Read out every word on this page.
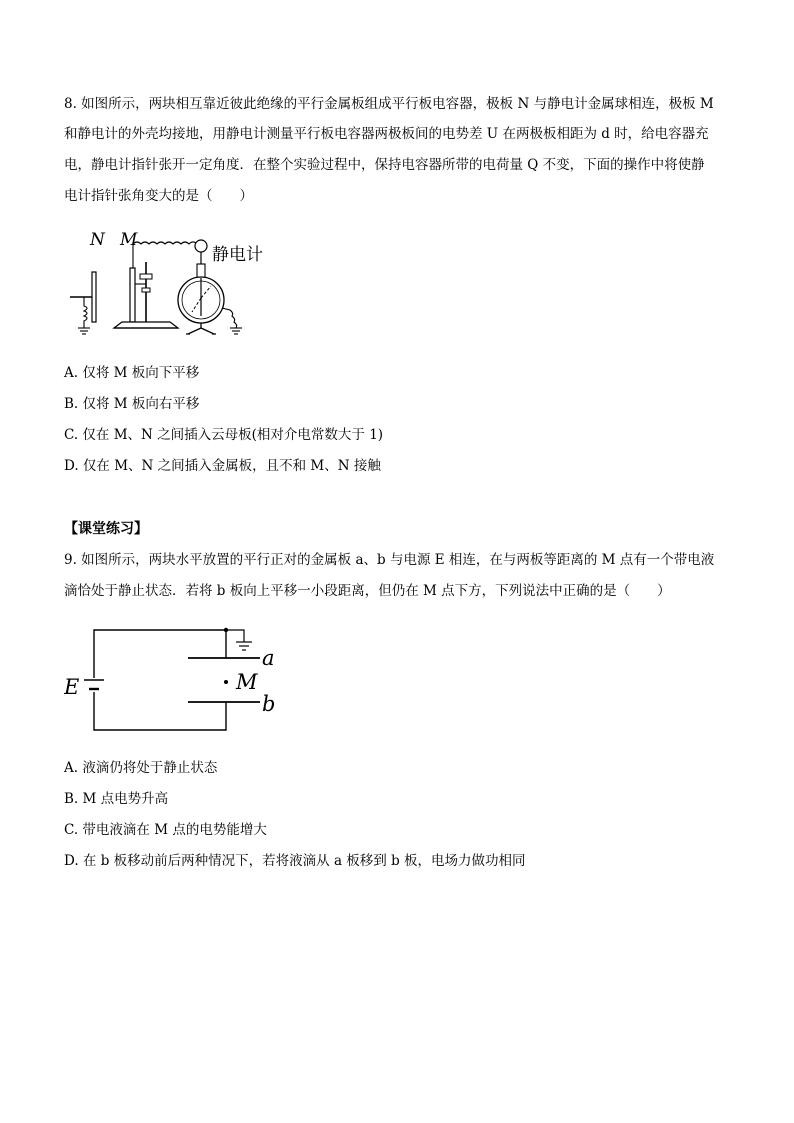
8. 如图所示，两块相互靠近彼此绝缘的平行金属板组成平行板电容器，极板 N 与静电计金属球相连，极板 M
和静电计的外壳均接地，用静电计测量平行板电容器两极板间的电势差 U 在两极板相距为 d 时，给电容器充
电，静电计指针张开一定角度．在整个实验过程中，保持电容器所带的电荷量 Q 不变，下面的操作中将使静
电计指针张角变大的是（　　）
N M
静电计
A. 仅将 M 板向下平移
B. 仅将 M 板向右平移
C. 仅在 M、N 之间插入云母板(相对介电常数大于 1)
D. 仅在 M、N 之间插入金属板，且不和 M、N 接触
【课堂练习】
9. 如图所示，两块水平放置的平行正对的金属板 a、b 与电源 E 相连，在与两板等距离的 M 点有一个带电液
滴恰处于静止状态．若将 b 板向上平移一小段距离，但仍在 M 点下方，下列说法中正确的是（　　）
E
a
M
b
A. 液滴仍将处于静止状态
B. M 点电势升高
C. 带电液滴在 M 点的电势能增大
D. 在 b 板移动前后两种情况下，若将液滴从 a 板移到 b 板，电场力做功相同
